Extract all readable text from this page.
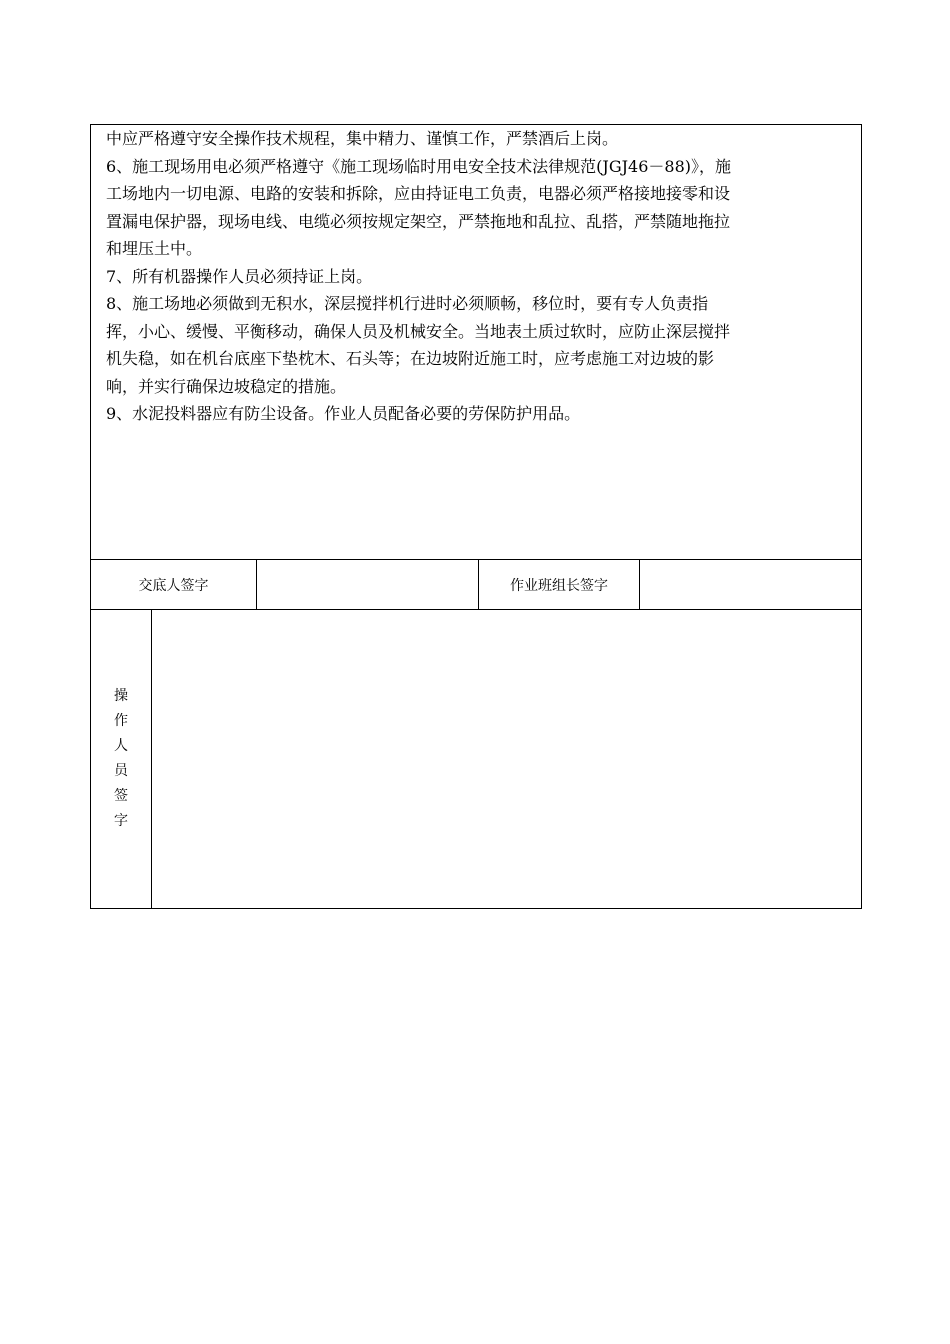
中应严格遵守安全操作技术规程，集中精力、谨慎工作，严禁酒后上岗。
6、施工现场用电必须严格遵守《施工现场临时用电安全技术法律规范(JGJ46－88)》，施
工场地内一切电源、电路的安装和拆除，应由持证电工负责，电器必须严格接地接零和设
置漏电保护器，现场电线、电缆必须按规定架空，严禁拖地和乱拉、乱搭，严禁随地拖拉
和埋压土中。
7、所有机器操作人员必须持证上岗。
8、施工场地必须做到无积水，深层搅拌机行进时必须顺畅，移位时，要有专人负责指
挥，小心、缓慢、平衡移动，确保人员及机械安全。当地表土质过软时，应防止深层搅拌
机失稳，如在机台底座下垫枕木、石头等；在边坡附近施工时，应考虑施工对边坡的影
响，并实行确保边坡稳定的措施。
9、水泥投料器应有防尘设备。作业人员配备必要的劳保防护用品。
交底人签字	作业班组长签字
操
作
人
员
签
字
